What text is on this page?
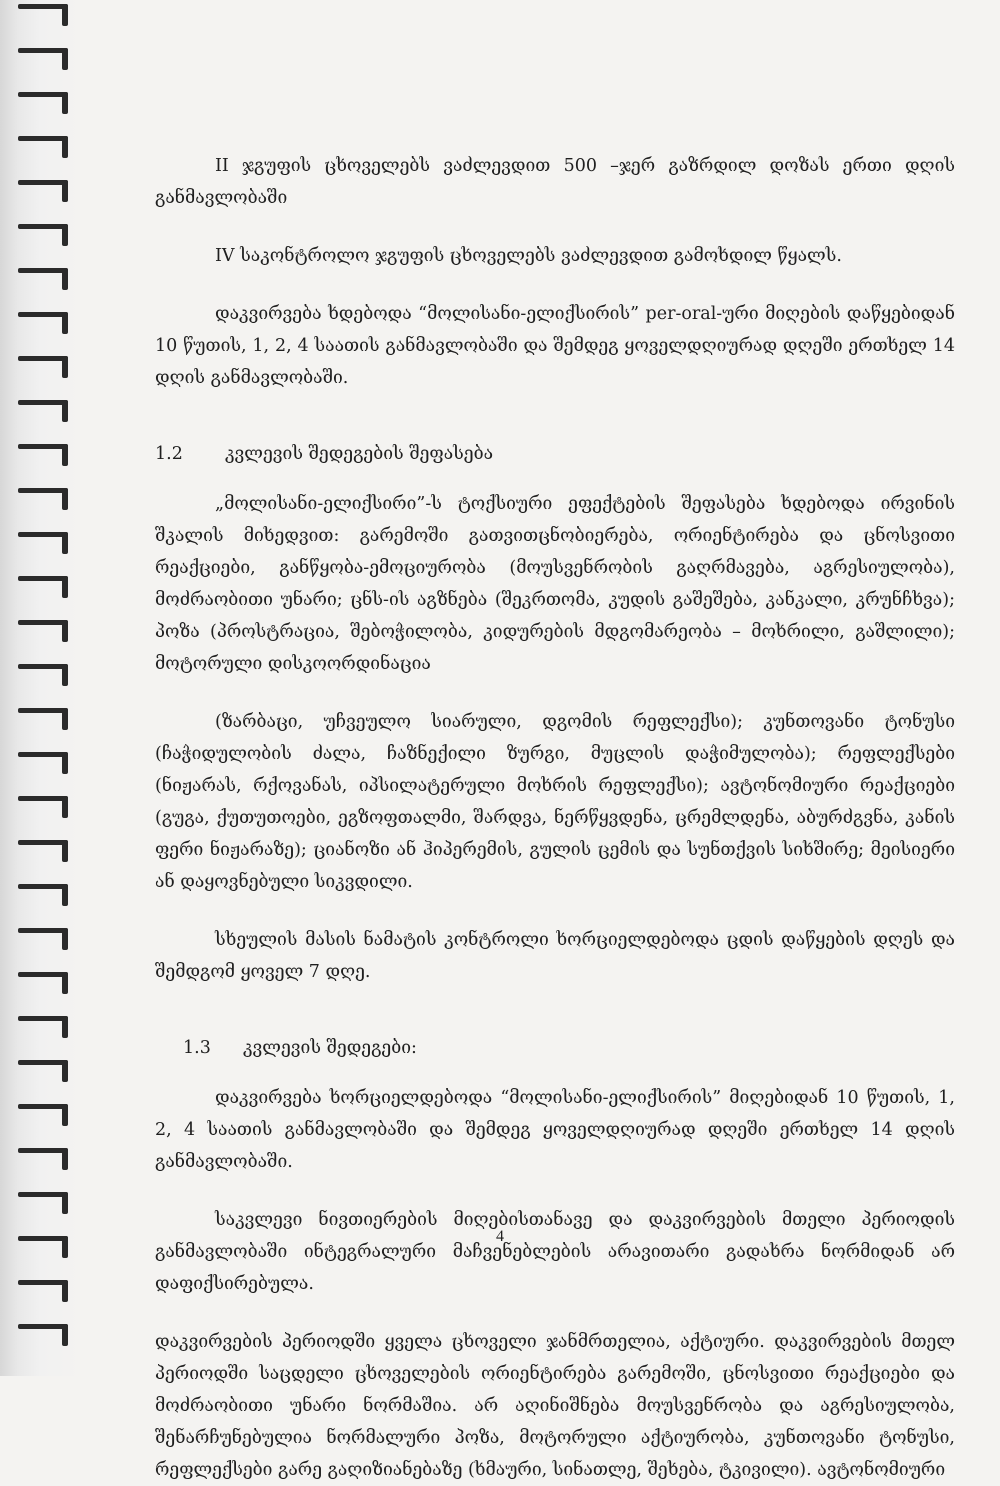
II ჯგუფის ცხოველებს ვაძლევდით 500 –ჯერ გაზრდილ დოზას ერთი დღის განმავლობაში

IV საკონტროლო ჯგუფის ცხოველებს ვაძლევდით გამოხდილ წყალს.

დაკვირვება ხდებოდა “მოლისანი-ელიქსირის” per-oral-ური მიღების დაწყებიდან 10 წუთის, 1, 2, 4 საათის განმავლობაში და შემდეგ ყოველდღიურად დღეში ერთხელ 14 დღის განმავლობაში.

1.2	კვლევის შედეგების შეფასება

„მოლისანი-ელიქსირი”-ს ტოქსიური ეფექტების შეფასება ხდებოდა ირვინის შკალის მიხედვით: გარემოში გათვითცნობიერება, ორიენტირება და ცნოსვითი რეაქციები, განწყობა-ემოციურობა (მოუსვენრობის გაღრმავება, აგრესიულობა), მოძრაობითი უნარი; ცნს-ის აგზნება (შეკრთომა, კუდის გაშეშება, კანკალი, კრუნჩხვა); პოზა (პროსტრაცია, შებოჭილობა, კიდურების მდგომარეობა – მოხრილი, გაშლილი); მოტორული დისკოორდინაცია

(ზარბაცი, უჩვეულო სიარული, დგომის რეფლექსი); კუნთოვანი ტონუსი (ჩაჭიდულობის ძალა, ჩაზნექილი ზურგი, მუცლის დაჭიმულობა); რეფლექსები (ნიჟარას, რქოვანას, იპსილატერული მოხრის რეფლექსი); ავტონომიური რეაქციები (გუგა, ქუთუთოები, ეგზოფთალმი, შარდვა, ნერწყვდენა, ცრემლდენა, აბურძგვნა, კანის ფერი ნიჟარაზე); ციანოზი ან ჰიპერემის, გულის ცემის და სუნთქვის სიხშირე; მეისიერი ან დაყოვნებული სიკვდილი.

სხეულის მასის ნამატის კონტროლი ხორციელდებოდა ცდის დაწყების დღეს და შემდგომ ყოველ 7 დღე.

1.3	კვლევის შედეგები:

დაკვირვება ხორციელდებოდა “მოლისანი-ელიქსირის” მიღებიდან 10 წუთის, 1, 2, 4 საათის განმავლობაში და შემდეგ ყოველდღიურად დღეში ერთხელ 14 დღის განმავლობაში.

საკვლევი ნივთიერების მიღებისთანავე და დაკვირვების მთელი პერიოდის განმავლობაში ინტეგრალური მაჩვენებლების არავითარი გადახრა ნორმიდან არ დაფიქსირებულა.

დაკვირვების პერიოდში ყველა ცხოველი ჯანმრთელია, აქტიური. დაკვირვების მთელ პერიოდში საცდელი ცხოველების ორიენტირება გარემოში, ცნოსვითი რეაქციები და მოძრაობითი უნარი ნორმაშია. არ აღინიშნება მოუსვენრობა და აგრესიულობა, შენარჩუნებულია ნორმალური პოზა, მოტორული აქტიურობა, კუნთოვანი ტონუსი, რეფლექსები გარე გაღიზიანებაზე (ხმაური, სინათლე, შეხება, ტკივილი). ავტონომიური

4
